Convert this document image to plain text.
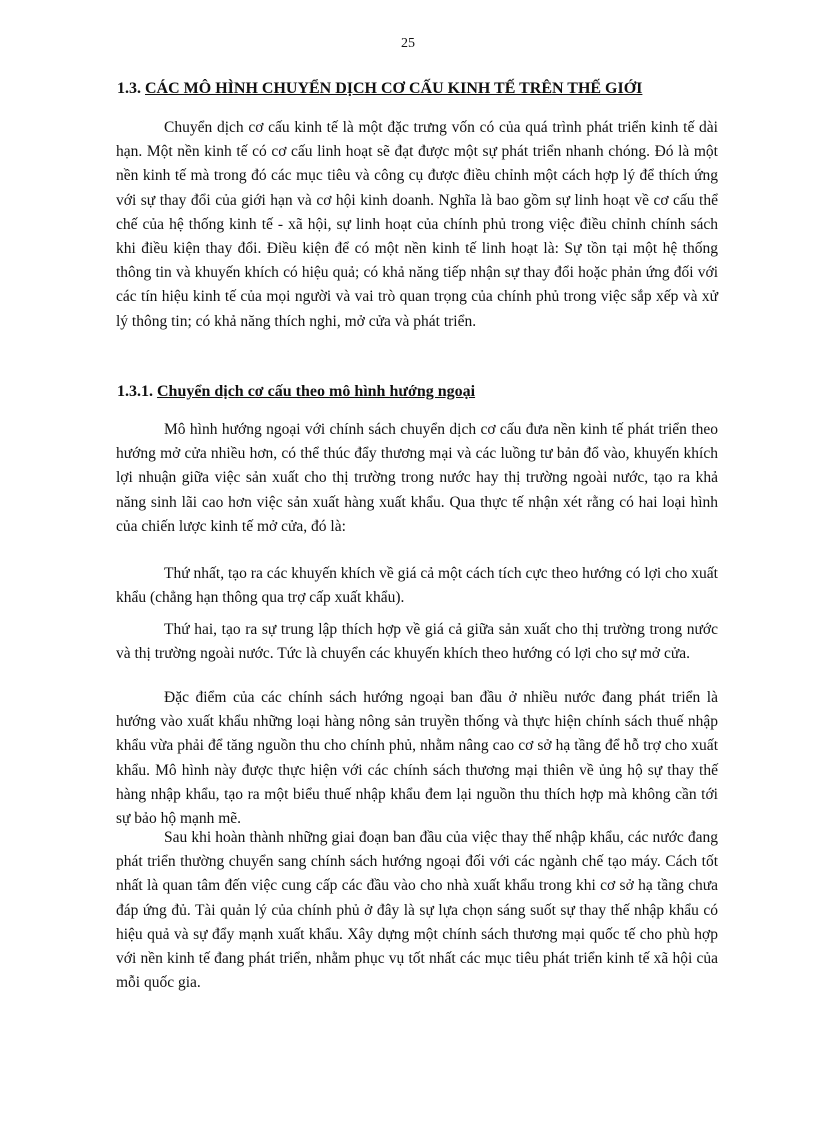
25
1.3. CÁC MÔ HÌNH CHUYỂN DỊCH CƠ CẤU KINH TẾ TRÊN THẾ GIỚI

Chuyển dịch cơ cấu kinh tế là một đặc trưng vốn có của quá trình phát triển kinh tế dài hạn. Một nền kinh tế có cơ cấu linh hoạt sẽ đạt được một sự phát triển nhanh chóng. Đó là một nền kinh tế mà trong đó các mục tiêu và công cụ được điều chỉnh một cách hợp lý để thích ứng với sự thay đổi của giới hạn và cơ hội kinh doanh. Nghĩa là bao gồm sự linh hoạt về cơ cấu thể chế của hệ thống kinh tế - xã hội, sự linh hoạt của chính phủ trong việc điều chỉnh chính sách khi điều kiện thay đổi. Điều kiện để có một nền kinh tế linh hoạt là: Sự tồn tại một hệ thống thông tin và khuyến khích có hiệu quả; có khả năng tiếp nhận sự thay đổi hoặc phản ứng đối với các tín hiệu kinh tế của mọi người và vai trò quan trọng của chính phủ trong việc sắp xếp và xử lý thông tin; có khả năng thích nghi, mở cửa và phát triển.

1.3.1. Chuyển dịch cơ cấu theo mô hình hướng ngoại

Mô hình hướng ngoại với chính sách chuyển dịch cơ cấu đưa nền kinh tế phát triển theo hướng mở cửa nhiều hơn, có thể thúc đẩy thương mại và các luồng tư bản đổ vào, khuyến khích lợi nhuận giữa việc sản xuất cho thị trường trong nước hay thị trường ngoài nước, tạo ra khả năng sinh lãi cao hơn việc sản xuất hàng xuất khẩu. Qua thực tế nhận xét rằng có hai loại hình của chiến lược kinh tế mở cửa, đó là:

Thứ nhất, tạo ra các khuyến khích về giá cả một cách tích cực theo hướng có lợi cho xuất khẩu (chẳng hạn thông qua trợ cấp xuất khẩu).

Thứ hai, tạo ra sự trung lập thích hợp về giá cả giữa sản xuất cho thị trường trong nước và thị trường ngoài nước. Tức là chuyển các khuyến khích theo hướng có lợi cho sự mở cửa.

Đặc điểm của các chính sách hướng ngoại ban đầu ở nhiều nước đang phát triển là hướng vào xuất khẩu những loại hàng nông sản truyền thống và thực hiện chính sách thuế nhập khẩu vừa phải để tăng nguồn thu cho chính phủ, nhằm nâng cao cơ sở hạ tầng để hỗ trợ cho xuất khẩu. Mô hình này được thực hiện với các chính sách thương mại thiên về ủng hộ sự thay thế hàng nhập khẩu, tạo ra một biểu thuế nhập khẩu đem lại nguồn thu thích hợp mà không cần tới sự bảo hộ mạnh mẽ.

Sau khi hoàn thành những giai đoạn ban đầu của việc thay thế nhập khẩu, các nước đang phát triển thường chuyển sang chính sách hướng ngoại đối với các ngành chế tạo máy. Cách tốt nhất là quan tâm đến việc cung cấp các đầu vào cho nhà xuất khẩu trong khi cơ sở hạ tầng chưa đáp ứng đủ. Tài quản lý của chính phủ ở đây là sự lựa chọn sáng suốt sự thay thế nhập khẩu có hiệu quả và sự đẩy mạnh xuất khẩu. Xây dựng một chính sách thương mại quốc tế cho phù hợp với nền kinh tế đang phát triển, nhằm phục vụ tốt nhất các mục tiêu phát triển kinh tế xã hội của mỗi quốc gia.
